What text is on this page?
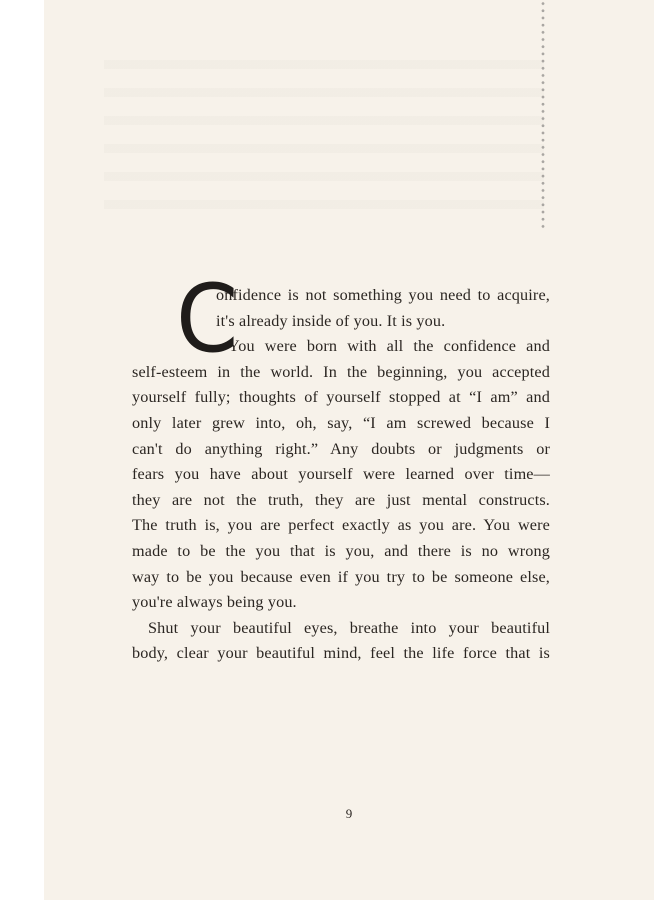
C
onfidence is not something you need to acquire,
it's already inside of you. It is you.
You were born with all the confidence and
self-esteem in the world. In the beginning, you accepted
yourself fully; thoughts of yourself stopped at “I am” and
only later grew into, oh, say, “I am screwed because I
can't do anything right.” Any doubts or judgments or
fears you have about yourself were learned over time—
they are not the truth, they are just mental constructs.
The truth is, you are perfect exactly as you are. You were
made to be the you that is you, and there is no wrong
way to be you because even if you try to be someone else,
you're always being you.
Shut your beautiful eyes, breathe into your beautiful
body, clear your beautiful mind, feel the life force that is
9
